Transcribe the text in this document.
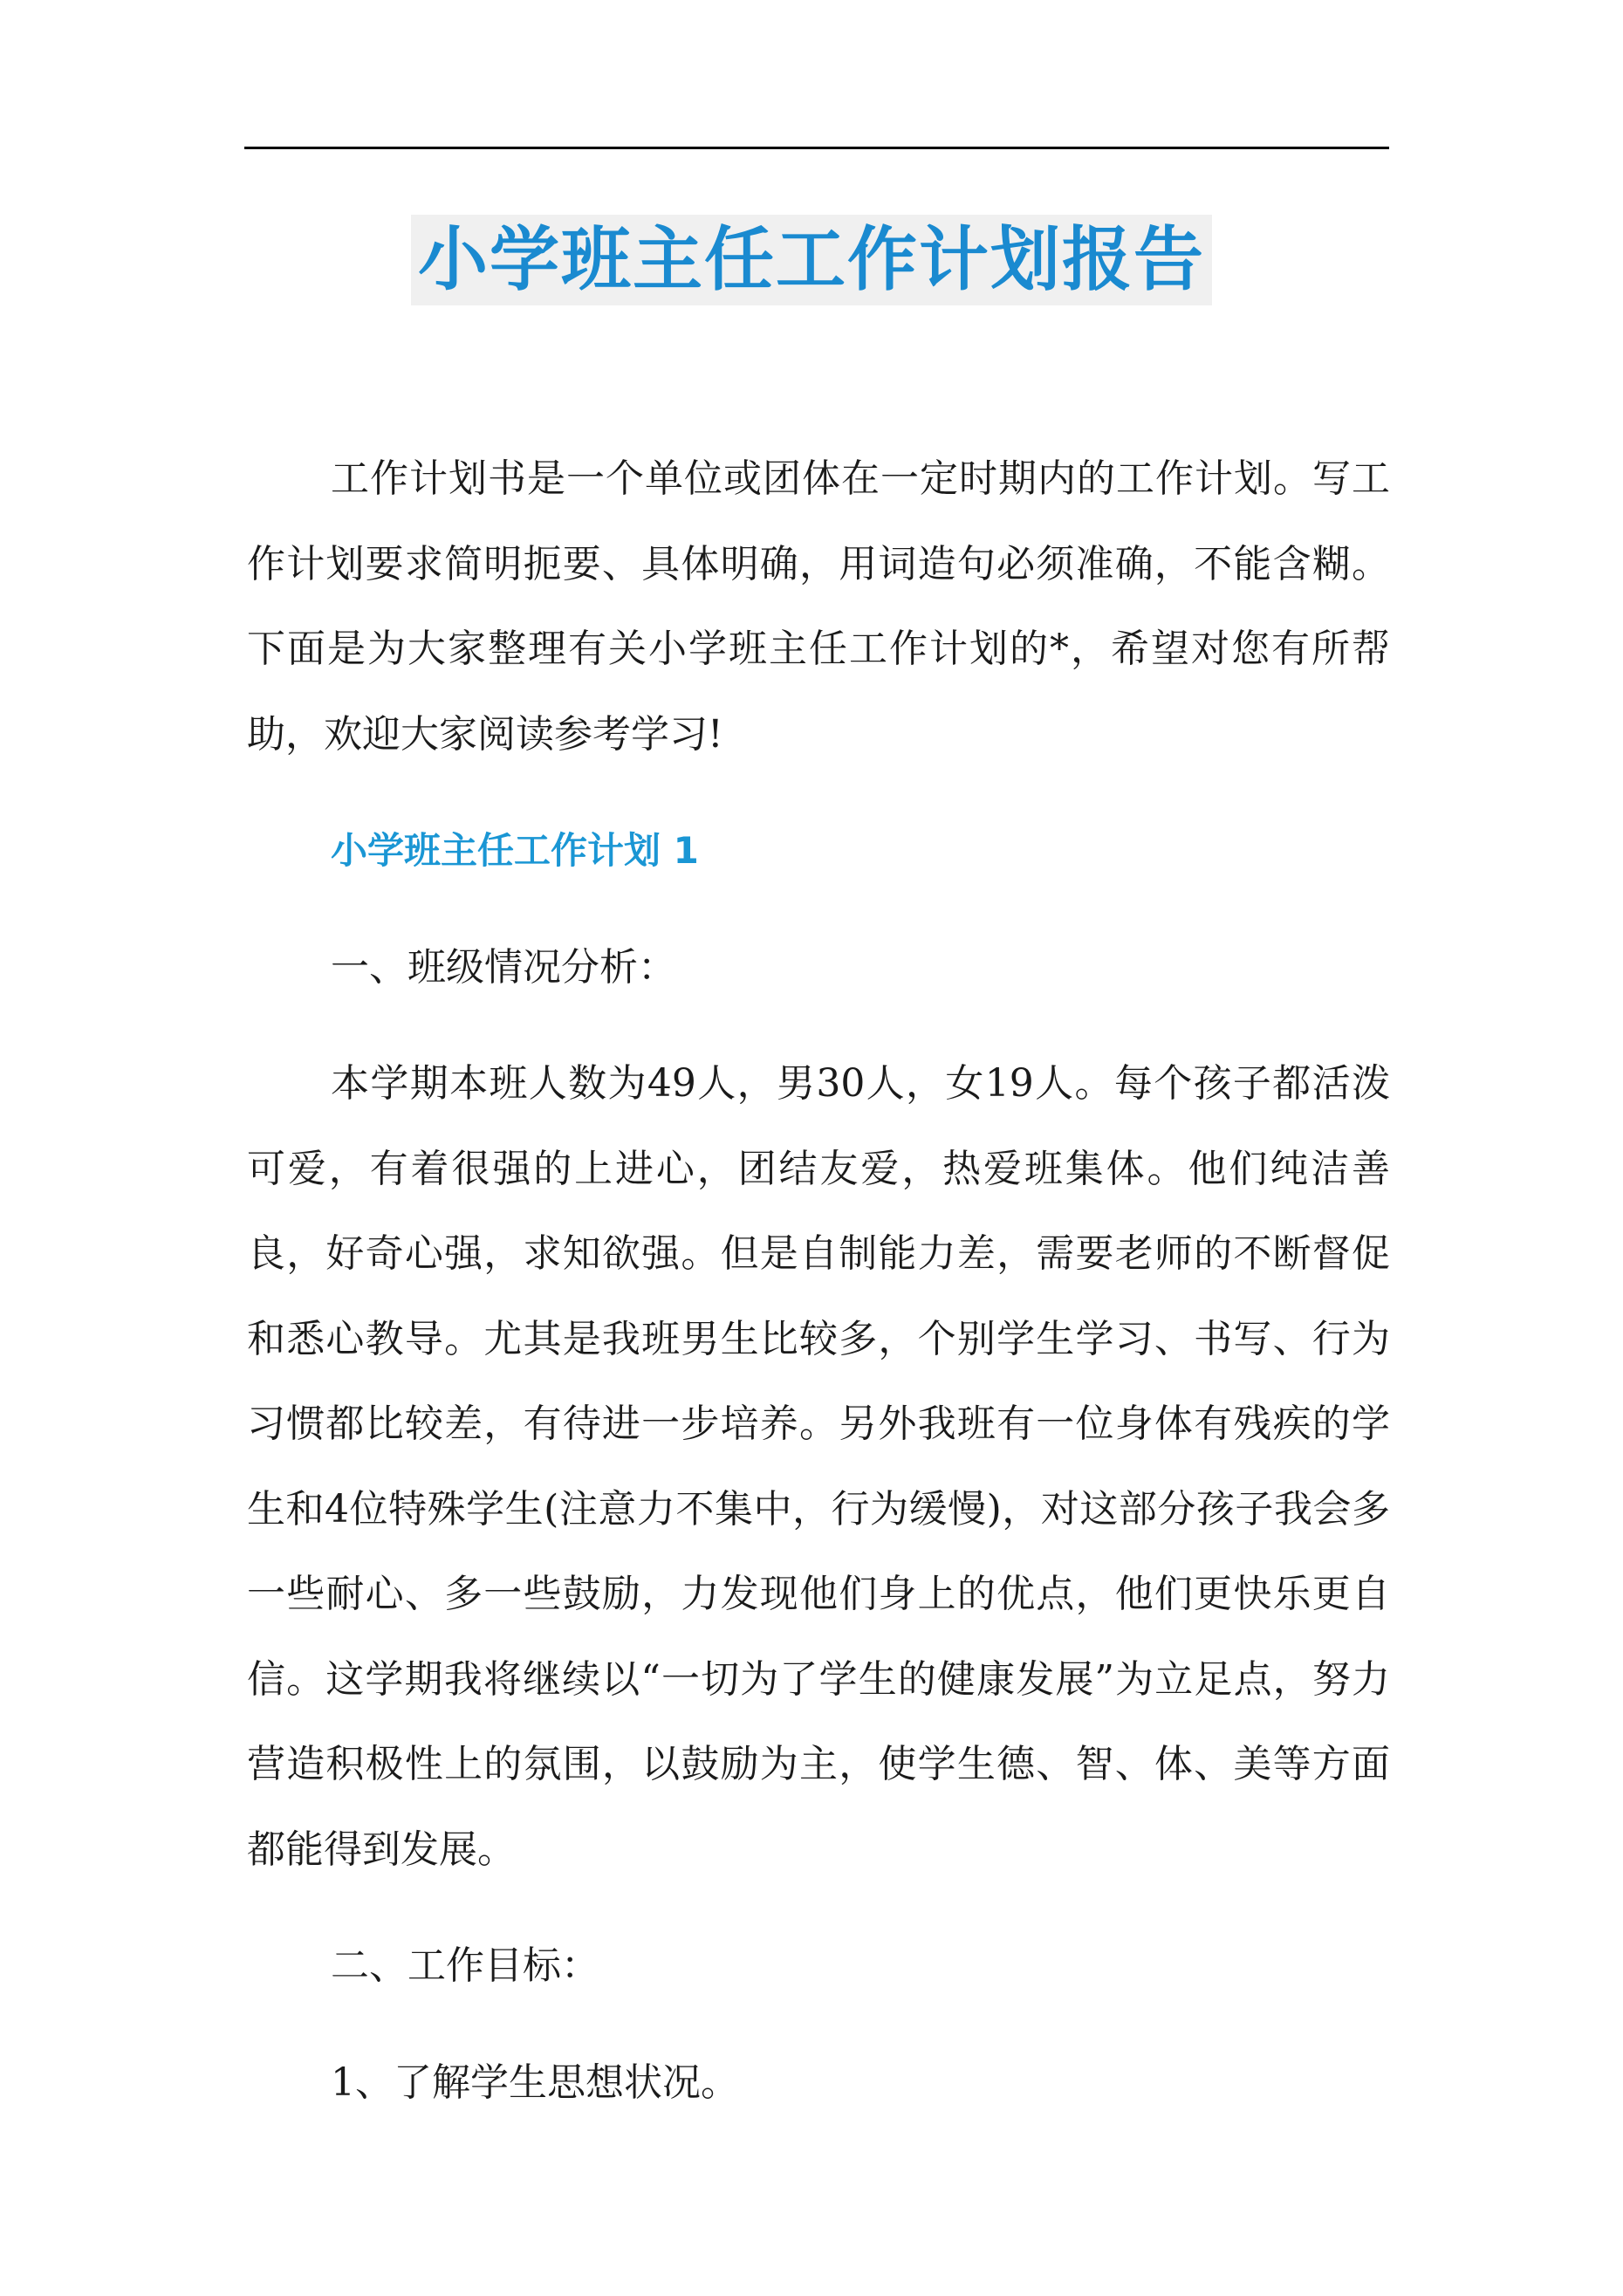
小学班主任工作计划报告

工作计划书是一个单位或团体在一定时期内的工作计划。写工作计划要求简明扼要、具体明确，用词造句必须准确，不能含糊。下面是为大家整理有关小学班主任工作计划的*，希望对您有所帮助，欢迎大家阅读参考学习!

小学班主任工作计划 1

一、班级情况分析：

本学期本班人数为49人，男30人，女19人。每个孩子都活泼可爱，有着很强的上进心，团结友爱，热爱班集体。他们纯洁善良，好奇心强，求知欲强。但是自制能力差，需要老师的不断督促和悉心教导。尤其是我班男生比较多，个别学生学习、书写、行为习惯都比较差，有待进一步培养。另外我班有一位身体有残疾的学生和4位特殊学生(注意力不集中，行为缓慢)，对这部分孩子我会多一些耐心、多一些鼓励，力发现他们身上的优点，他们更快乐更自信。这学期我将继续以“一切为了学生的健康发展”为立足点，努力营造积极性上的氛围，以鼓励为主，使学生德、智、体、美等方面都能得到发展。

二、工作目标：

1、了解学生思想状况。
